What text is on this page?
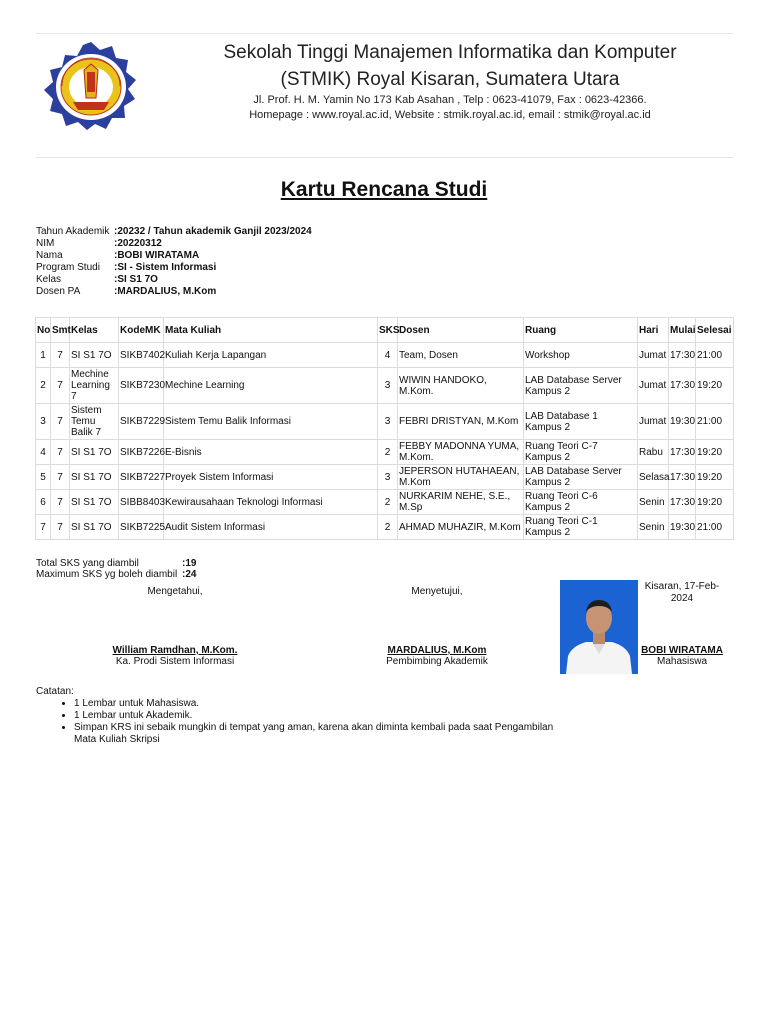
Sekolah Tinggi Manajemen Informatika dan Komputer
(STMIK) Royal Kisaran, Sumatera Utara
Jl. Prof. H. M. Yamin No 173 Kab Asahan , Telp : 0623-41079, Fax : 0623-42366.
Homepage : www.royal.ac.id, Website : stmik.royal.ac.id, email : stmik@royal.ac.id
Kartu Rencana Studi
Tahun Akademik :20232 / Tahun akademik Ganjil 2023/2024
NIM	:20220312
Nama	:BOBI WIRATAMA
Program Studi :SI - Sistem Informasi
Kelas	:SI S1 7O
Dosen PA	:MARDALIUS, M.Kom
No	Smt	Kelas	KodeMK	Mata Kuliah	SKS	Dosen	Ruang	Hari	Mulai	Selesai
1	7	SI S1 7O	SIKB7402	Kuliah Kerja Lapangan	4	Team, Dosen	Workshop	Jumat	17:30	21:00
2	7	Mechine Learning 7	SIKB7230	Mechine Learning	3	WIWIN HANDOKO, M.Kom.	LAB Database Server Kampus 2	Jumat	17:30	19:20
3	7	Sistem Temu Balik 7	SIKB7229	Sistem Temu Balik Informasi	3	FEBRI DRISTYAN, M.Kom	LAB Database 1 Kampus 2	Jumat	19:30	21:00
4	7	SI S1 7O	SIKB7226	E-Bisnis	2	FEBBY MADONNA YUMA, M.Kom.	Ruang Teori C-7 Kampus 2	Rabu	17:30	19:20
5	7	SI S1 7O	SIKB7227	Proyek Sistem Informasi	3	JEPERSON HUTAHAEAN, M.Kom	LAB Database Server Kampus 2	Selasa	17:30	19:20
6	7	SI S1 7O	SIBB8403	Kewirausahaan Teknologi Informasi	2	NURKARIM NEHE, S.E., M.Sp	Ruang Teori C-6 Kampus 2	Senin	17:30	19:20
7	7	SI S1 7O	SIKB7225	Audit Sistem Informasi	2	AHMAD MUHAZIR, M.Kom	Ruang Teori C-1 Kampus 2	Senin	19:30	21:00
Total SKS yang diambil	:19
Maximum SKS yg boleh diambil :24
Mengetahui,
William Ramdhan, M.Kom.
Ka. Prodi Sistem Informasi
Menyetujui,
MARDALIUS, M.Kom
Pembimbing Akademik
Kisaran, 17-Feb-2024
BOBI WIRATAMA
Mahasiswa
Catatan:
• 1 Lembar untuk Mahasiswa.
• 1 Lembar untuk Akademik.
• Simpan KRS ini sebaik mungkin di tempat yang aman, karena akan diminta kembali pada saat Pengambilan Mata Kuliah Skripsi
